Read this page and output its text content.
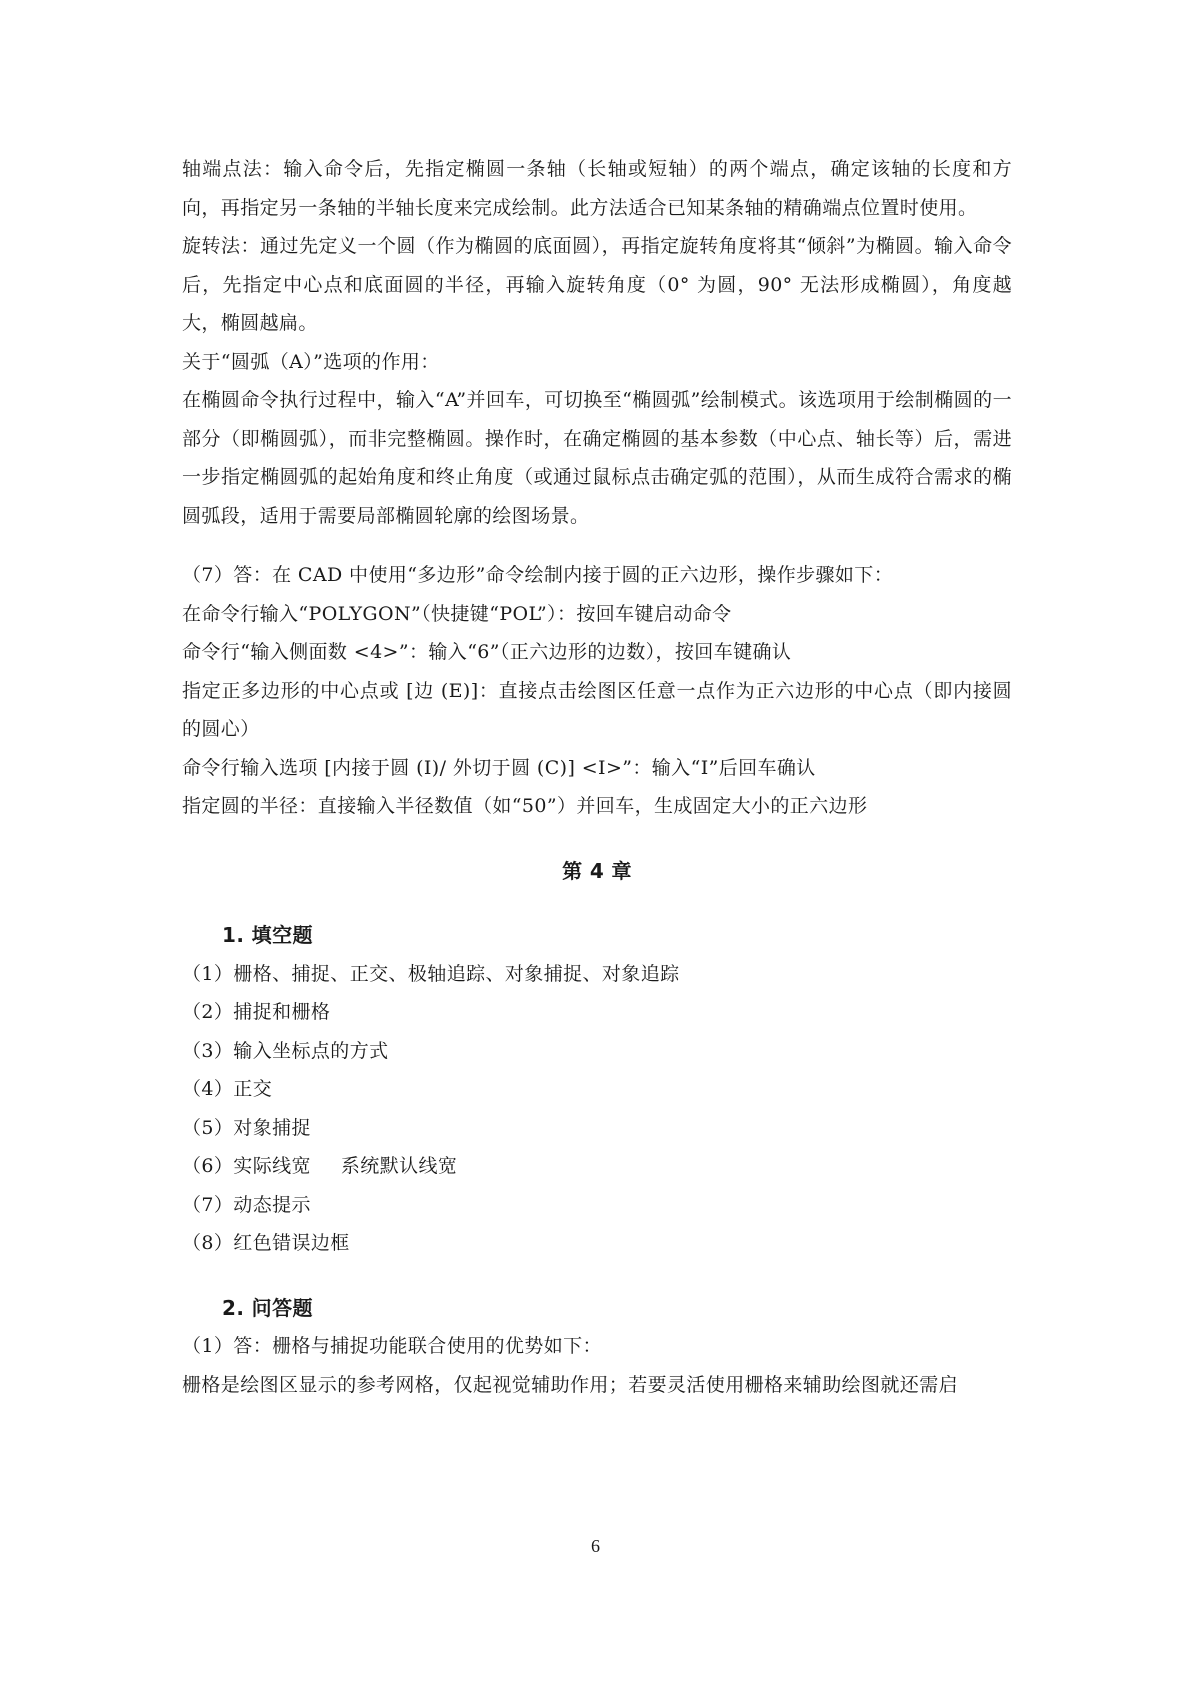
轴端点法：输入命令后，先指定椭圆一条轴（长轴或短轴）的两个端点，确定该轴的长度和方向，再指定另一条轴的半轴长度来完成绘制。此方法适合已知某条轴的精确端点位置时使用。

旋转法：通过先定义一个圆（作为椭圆的底面圆），再指定旋转角度将其“倾斜”为椭圆。输入命令后，先指定中心点和底面圆的半径，再输入旋转角度（0° 为圆，90° 无法形成椭圆），角度越大，椭圆越扁。

关于“圆弧（A）”选项的作用：

在椭圆命令执行过程中，输入“A”并回车，可切换至“椭圆弧”绘制模式。该选项用于绘制椭圆的一部分（即椭圆弧），而非完整椭圆。操作时，在确定椭圆的基本参数（中心点、轴长等）后，需进一步指定椭圆弧的起始角度和终止角度（或通过鼠标点击确定弧的范围），从而生成符合需求的椭圆弧段，适用于需要局部椭圆轮廓的绘图场景。

（7）答：在 CAD 中使用“多边形”命令绘制内接于圆的正六边形，操作步骤如下：

在命令行输入“POLYGON”（快捷键“POL”）：按回车键启动命令

命令行“输入侧面数 <4>”：输入“6”（正六边形的边数），按回车键确认

指定正多边形的中心点或 [边 (E)]：直接点击绘图区任意一点作为正六边形的中心点（即内接圆的圆心）

命令行输入选项 [内接于圆 (I)/ 外切于圆 (C)] <I>”：输入“I”后回车确认

指定圆的半径：直接输入半径数值（如“50”）并回车，生成固定大小的正六边形

第 4 章

1. 填空题

（1）栅格、捕捉、正交、极轴追踪、对象捕捉、对象追踪

（2）捕捉和栅格

（3）输入坐标点的方式

（4）正交

（5）对象捕捉

（6）实际线宽 系统默认线宽

（7）动态提示

（8）红色错误边框

2. 问答题

（1）答：栅格与捕捉功能联合使用的优势如下：

栅格是绘图区显示的参考网格，仅起视觉辅助作用；若要灵活使用栅格来辅助绘图就还需启

6
